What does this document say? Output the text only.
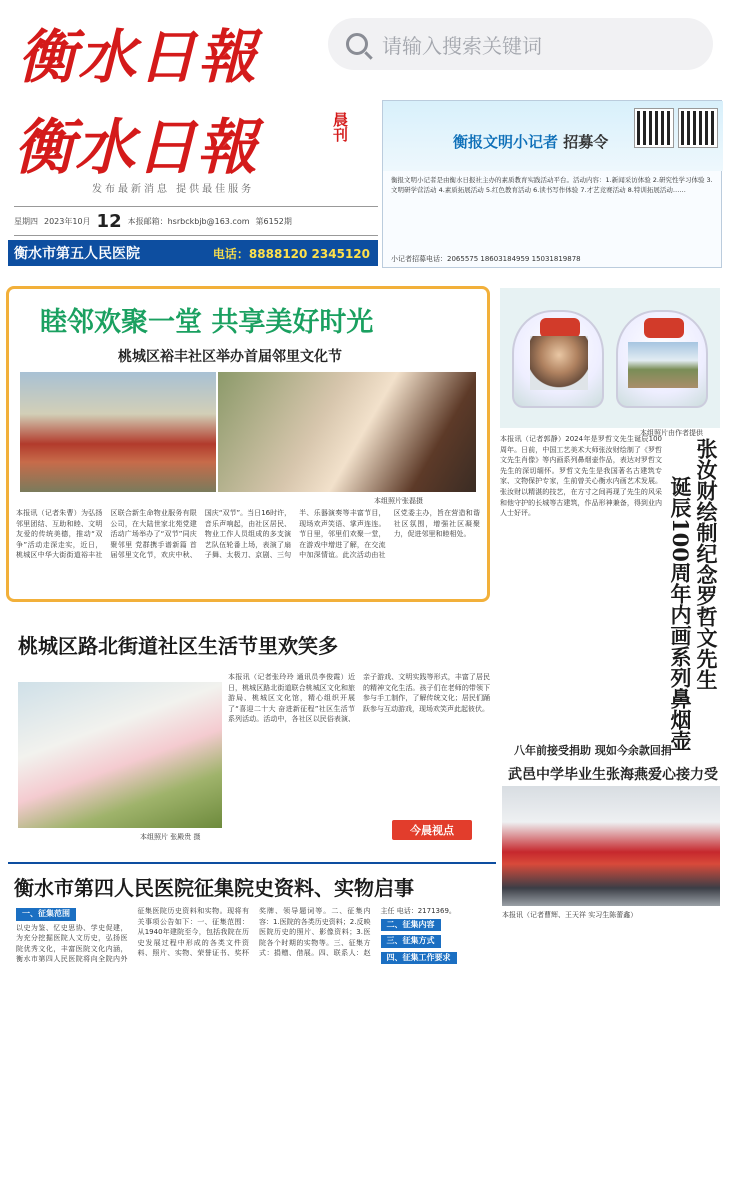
衡水日報	请输入搜索关键词
衡水日報	晨刊
发布最新消息 提供最佳服务
星期四 2023年10月 12 本报邮箱：hsrbckbjb@163.com 第6152期
衡水市第五人民医院	电话：8888120 2345120
衡报文明小记者 招募令
衡报文明小记者是由衡水日报社主办的素质教育实践活动平台。活动内容：1.新闻采访体验 2.研究性学习体验 3.文明研学营活动 4.素质拓展活动 5.红色教育活动 6.读书写作体验 7.才艺竞赛活动 8.特训拓展活动……
小记者招募电话：2065575 18603184959 15031819878
睦邻欢聚一堂 共享美好时光
桃城区裕丰社区举办首届邻里文化节
本组照片张磊摄
本报讯（记者朱曹）为弘扬邻里团结、互助和睦、文明友爱的传统美德，推动“双争”活动走深走实，近日，桃城区中华大街街道裕丰社区联合新生命物业服务有限公司，在大陆世家北苑党建活动广场举办了“双节”同庆聚邻里 党群携手谱新篇 首届邻里文化节，欢庆中秋、国庆“双节”。当日16时许，音乐声响起，由社区居民、物业工作人员组成的多支演艺队伍轮番上场，表演了扇子舞、太极刀、京剧、三句半、乐器演奏等丰富节目，现场欢声笑语、掌声连连。节日里，邻里们欢聚一堂，在游戏中增进了解，在交流中加深情谊。此次活动由社区党委主办，旨在营造和谐社区氛围，增强社区凝聚力，促进邻里和睦相处。
桃城区路北街道社区生活节里欢笑多
本组照片 张殿贵 摄
本报讯（记者张玲玲 通讯员李俊霞）近日，桃城区路北街道联合桃城区文化和旅游局、桃城区文化馆，精心组织开展了“喜迎二十大 奋进新征程”社区生活节系列活动。活动中，各社区以民俗表演、亲子游戏、文明实践等形式，丰富了居民的精神文化生活。孩子们在老师的带领下参与手工制作，了解传统文化；居民们踊跃参与互动游戏，现场欢笑声此起彼伏。
今晨视点
本组照片由作者提供
张汝财绘制纪念罗哲文先生
诞辰100周年内画系列鼻烟壶
本报讯（记者郭静）2024年是罗哲文先生诞辰100周年。日前，中国工艺美术大师张汝财绘制了《罗哲文先生肖像》等内画系列鼻烟壶作品，表达对罗哲文先生的深切缅怀。罗哲文先生是我国著名古建筑专家、文物保护专家，生前曾关心衡水内画艺术发展。张汝财以精湛的技艺，在方寸之间再现了先生的风采和他守护的长城等古建筑，作品形神兼备，得到业内人士好评。
八年前接受捐助 现如今余款回捐
武邑中学毕业生张海燕爱心接力受
本报讯（记者曹辉、王天祥 实习生陈蕾鑫）
衡水市第四人民医院征集院史资料、实物启事
一、征集范围
以史为鉴、忆史思协、学史促建，为充分挖掘医院人文历史，弘扬医院优秀文化，丰富医院文化内涵，衡水市第四人民医院将向全院内外征集医院历史资料和实物。现将有关事项公告如下：一、征集范围：从1940年建院至今，包括我院在历史发展过程中形成的各类文件资料、照片、实物、荣誉证书、奖杯奖牌、领导题词等。二、征集内容：1.医院的各类历史资料；2.反映医院历史的照片、影像资料；3.医院各个时期的实物等。三、征集方式：捐赠、借展。四、联系人：赵主任 电话：2171369。
二、征集内容
三、征集方式
四、征集工作要求
